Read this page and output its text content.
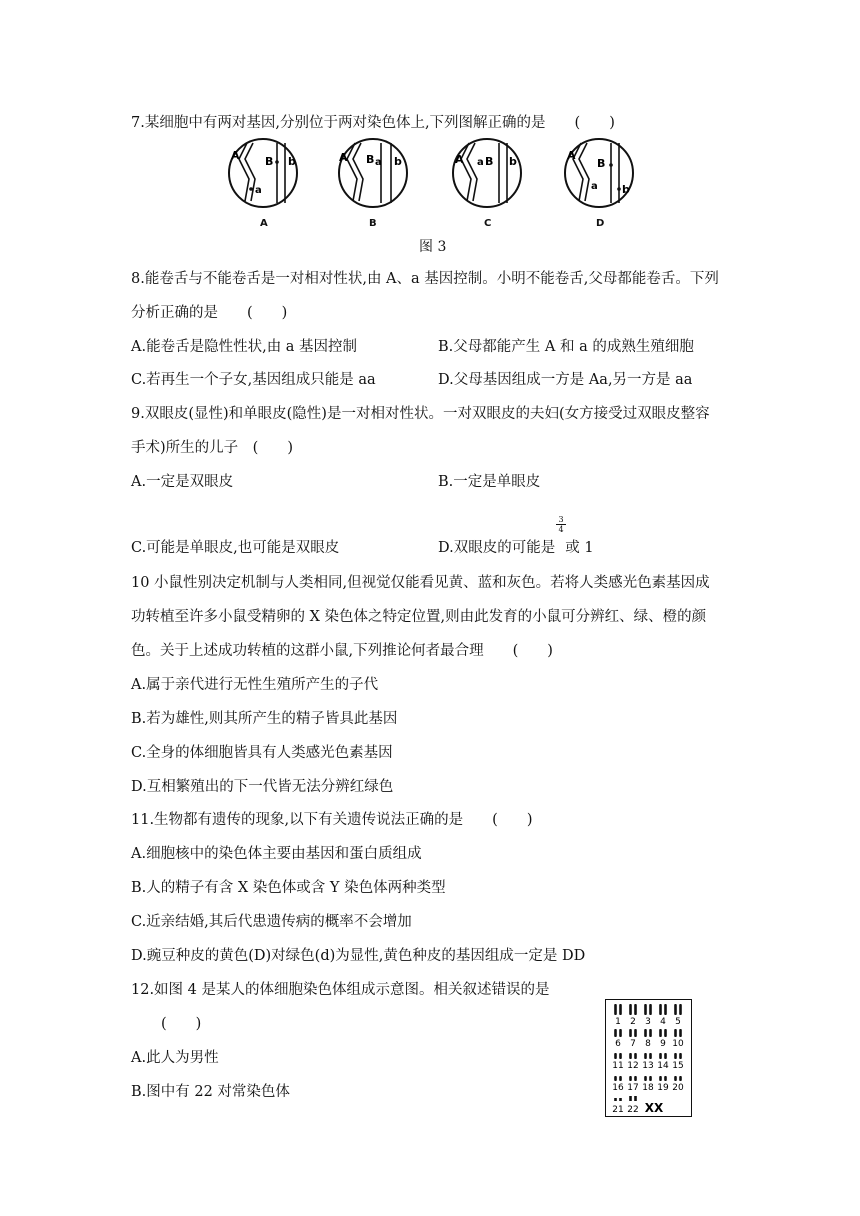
7.某细胞中有两对基因,分别位于两对染色体上,下列图解正确的是　　(　　)
A
a
B b	A B a b	A a B b	A
a
B
b
A	B	C	D
图 3
8.能卷舌与不能卷舌是一对相对性状,由 A、a 基因控制。小明不能卷舌,父母都能卷舌。下列
分析正确的是　　(　　)
A.能卷舌是隐性性状,由 a 基因控制	B.父母都能产生 A 和 a 的成熟生殖细胞
C.若再生一个子女,基因组成只能是 aa	D.父母基因组成一方是 Aa,另一方是 aa
9.双眼皮(显性)和单眼皮(隐性)是一对相对性状。一对双眼皮的夫妇(女方接受过双眼皮整容
手术)所生的儿子　(　　)
A.一定是双眼皮	B.一定是单眼皮
C.可能是单眼皮,也可能是双眼皮	D.双眼皮的可能是 或 1
$\frac{3}{4}$
10 小鼠性别决定机制与人类相同,但视觉仅能看见黄、蓝和灰色。若将人类感光色素基因成
功转植至许多小鼠受精卵的 X 染色体之特定位置,则由此发育的小鼠可分辨红、绿、橙的颜
色。关于上述成功转植的这群小鼠,下列推论何者最合理　　(　　)
A.属于亲代进行无性生殖所产生的子代
B.若为雄性,则其所产生的精子皆具此基因
C.全身的体细胞皆具有人类感光色素基因
D.互相繁殖出的下一代皆无法分辨红绿色
11.生物都有遗传的现象,以下有关遗传说法正确的是　　(　　)
A.细胞核中的染色体主要由基因和蛋白质组成
B.人的精子有含 X 染色体或含 Y 染色体两种类型
C.近亲结婚,其后代患遗传病的概率不会增加
D.豌豆种皮的黄色(D)对绿色(d)为显性,黄色种皮的基因组成一定是 DD
12.如图 4 是某人的体细胞染色体组成示意图。相关叙述错误的是
(　　)
A.此人为男性
B.图中有 22 对常染色体
1 2 3 4 5
6 7 8 9 10
11 12 13 14 15
16 17 18 19 20
21 22 XX
